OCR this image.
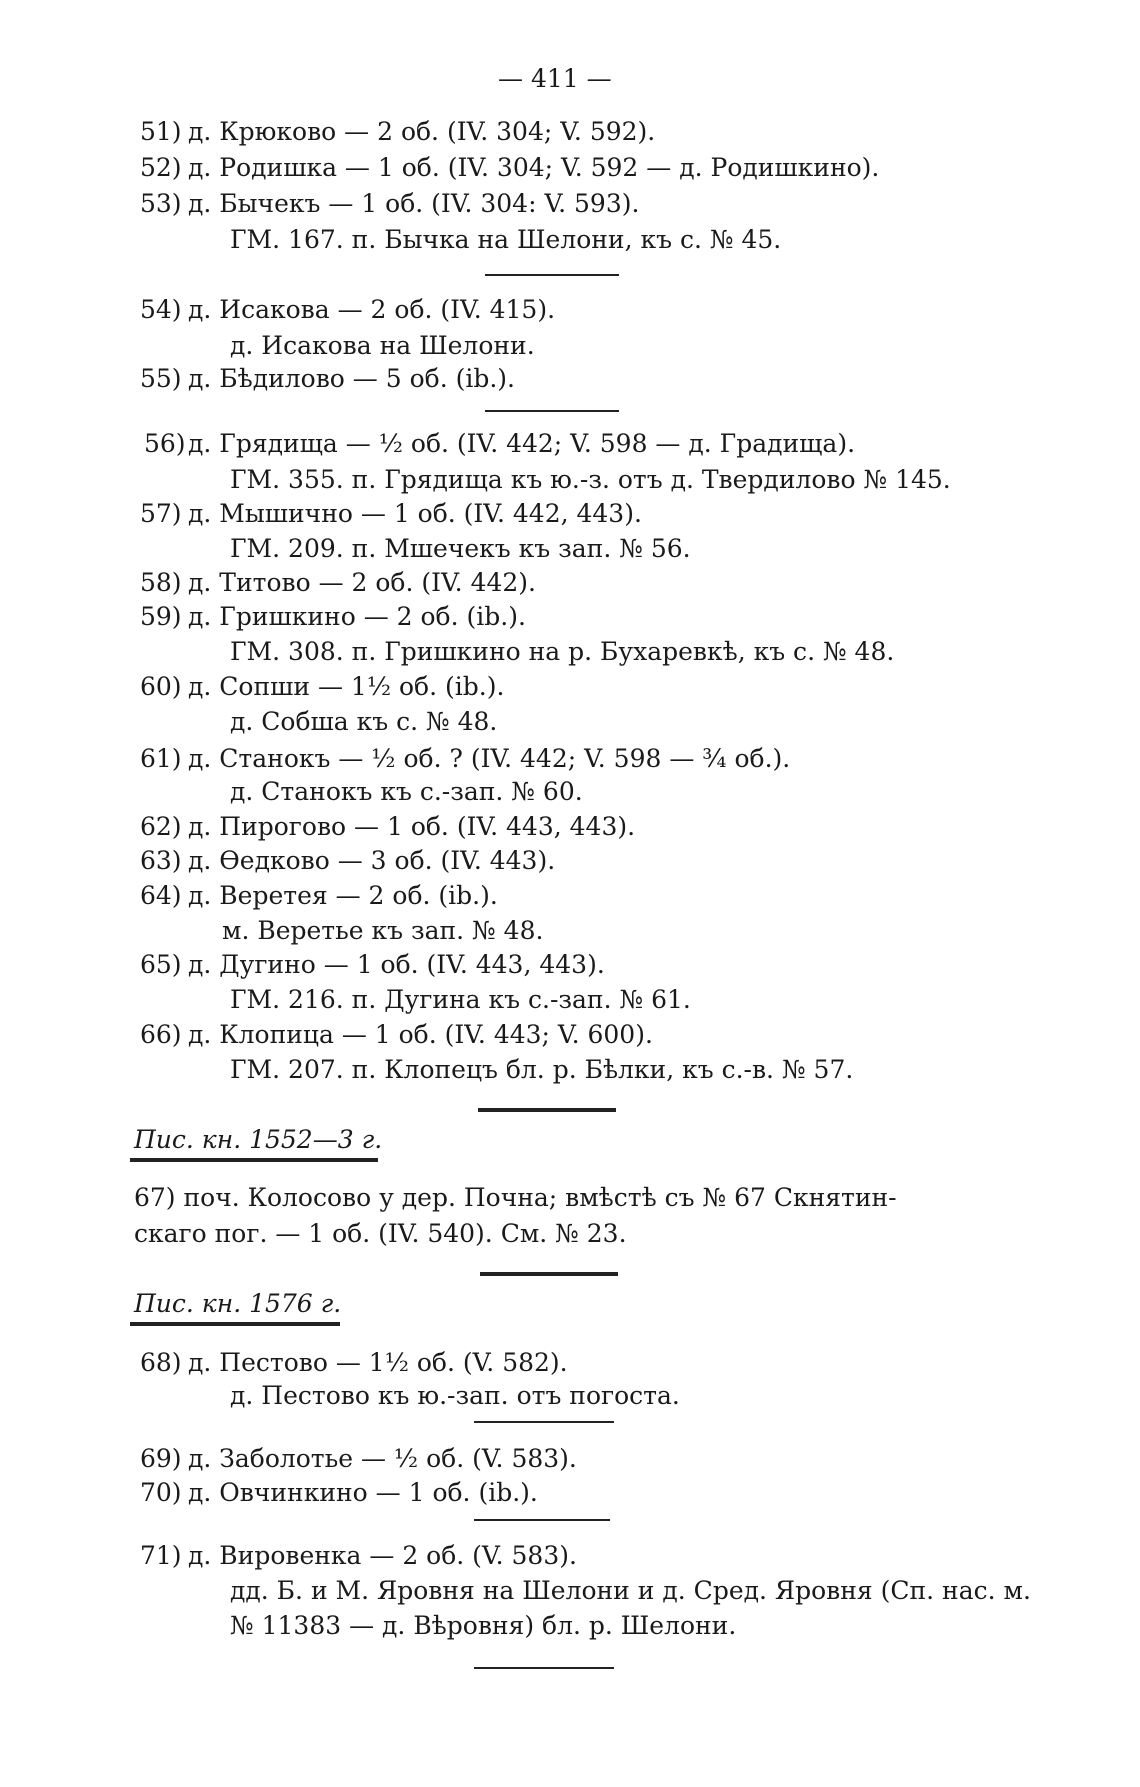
— 411 —
51) д. Крюково — 2 об. (IV. 304; V. 592).
52) д. Родишка — 1 об. (IV. 304; V. 592 — д. Родишкино).
53) д. Бычекъ — 1 об. (IV. 304: V. 593).
ГМ. 167. п. Бычка на Шелони, къ с. № 45.
54) д. Исакова — 2 об. (IV. 415).
д. Исакова на Шелони.
55) д. Бѣдилово — 5 об. (ib.).
56) д. Грядища — ½ об. (IV. 442; V. 598 — д. Градища).
ГМ. 355. п. Грядища къ ю.-з. отъ д. Твердилово № 145.
57) д. Мышично — 1 об. (IV. 442, 443).
ГМ. 209. п. Мшечекъ къ зап. № 56.
58) д. Титово — 2 об. (IV. 442).
59) д. Гришкино — 2 об. (ib.).
ГМ. 308. п. Гришкино на р. Бухаревкѣ, къ с. № 48.
60) д. Сопши — 1½ об. (ib.).
д. Собша къ с. № 48.
61) д. Станокъ — ½ об. ? (IV. 442; V. 598 — ¾ об.).
д. Станокъ къ с.-зап. № 60.
62) д. Пирогово — 1 об. (IV. 443, 443).
63) д. Ѳедково — 3 об. (IV. 443).
64) д. Веретея — 2 об. (ib.).
м. Веретье къ зап. № 48.
65) д. Дугино — 1 об. (IV. 443, 443).
ГМ. 216. п. Дугина къ с.-зап. № 61.
66) д. Клопица — 1 об. (IV. 443; V. 600).
ГМ. 207. п. Клопецъ бл. р. Бѣлки, къ с.-в. № 57.
Пис. кн. 1552—3 г.
67) поч. Колосово у дер. Почна; вмѣстѣ съ № 67 Скнятин-
скаго пог. — 1 об. (IV. 540). См. № 23.
Пис. кн. 1576 г.
68) д. Пестово — 1½ об. (V. 582).
д. Пестово къ ю.-зап. отъ погоста.
69) д. Заболотье — ½ об. (V. 583).
70) д. Овчинкино — 1 об. (ib.).
71) д. Вировенка — 2 об. (V. 583).
дд. Б. и М. Яровня на Шелони и д. Сред. Яровня (Сп. нас. м.
№ 11383 — д. Вѣровня) бл. р. Шелони.
